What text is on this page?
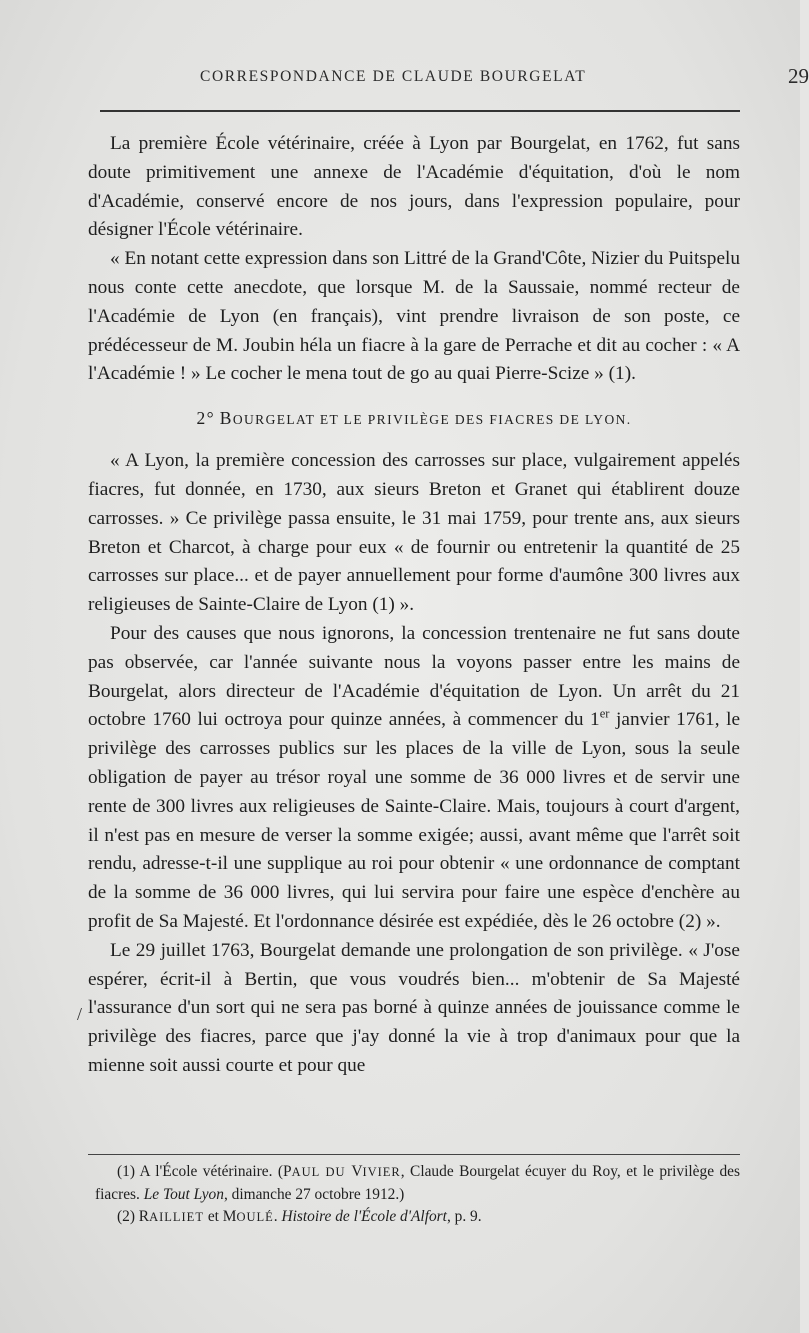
CORRESPONDANCE DE CLAUDE BOURGELAT	29

La première École vétérinaire, créée à Lyon par Bourgelat, en 1762, fut sans doute primitivement une annexe de l'Académie d'équitation, d'où le nom d'Académie, conservé encore de nos jours, dans l'expression populaire, pour désigner l'École vétérinaire.

« En notant cette expression dans son Littré de la Grand'Côte, Nizier du Puitspelu nous conte cette anecdote, que lorsque M. de la Saussaie, nommé recteur de l'Académie de Lyon (en français), vint prendre livraison de son poste, ce prédécesseur de M. Joubin héla un fiacre à la gare de Perrache et dit au cocher : « A l'Académie ! » Le cocher le mena tout de go au quai Pierre-Scize » (1).

2° BOURGELAT ET LE PRIVILÈGE DES FIACRES DE LYON.

« A Lyon, la première concession des carrosses sur place, vulgairement appelés fiacres, fut donnée, en 1730, aux sieurs Breton et Granet qui établirent douze carrosses. » Ce privilège passa ensuite, le 31 mai 1759, pour trente ans, aux sieurs Breton et Charcot, à charge pour eux « de fournir ou entretenir la quantité de 25 carrosses sur place... et de payer annuellement pour forme d'aumône 300 livres aux religieuses de Sainte-Claire de Lyon (1) ».

Pour des causes que nous ignorons, la concession trentenaire ne fut sans doute pas observée, car l'année suivante nous la voyons passer entre les mains de Bourgelat, alors directeur de l'Académie d'équitation de Lyon. Un arrêt du 21 octobre 1760 lui octroya pour quinze années, à commencer du 1er janvier 1761, le privilège des carrosses publics sur les places de la ville de Lyon, sous la seule obligation de payer au trésor royal une somme de 36 000 livres et de servir une rente de 300 livres aux religieuses de Sainte-Claire. Mais, toujours à court d'argent, il n'est pas en mesure de verser la somme exigée; aussi, avant même que l'arrêt soit rendu, adresse-t-il une supplique au roi pour obtenir « une ordonnance de comptant de la somme de 36 000 livres, qui lui servira pour faire une espèce d'enchère au profit de Sa Majesté. Et l'ordonnance désirée est expédiée, dès le 26 octobre (2) ».

Le 29 juillet 1763, Bourgelat demande une prolongation de son privilège. « J'ose espérer, écrit-il à Bertin, que vous voudrés bien... m'obtenir de Sa Majesté l'assurance d'un sort qui ne sera pas borné à quinze années de jouissance comme le privilège des fiacres, parce que j'ay donné la vie à trop d'animaux pour que la mienne soit aussi courte et pour que

/

(1) A l'École vétérinaire. (PAUL DU VIVIER, Claude Bourgelat écuyer du Roy, et le privilège des fiacres. Le Tout Lyon, dimanche 27 octobre 1912.)

(2) RAILLIET et MOULÉ. Histoire de l'École d'Alfort, p. 9.
